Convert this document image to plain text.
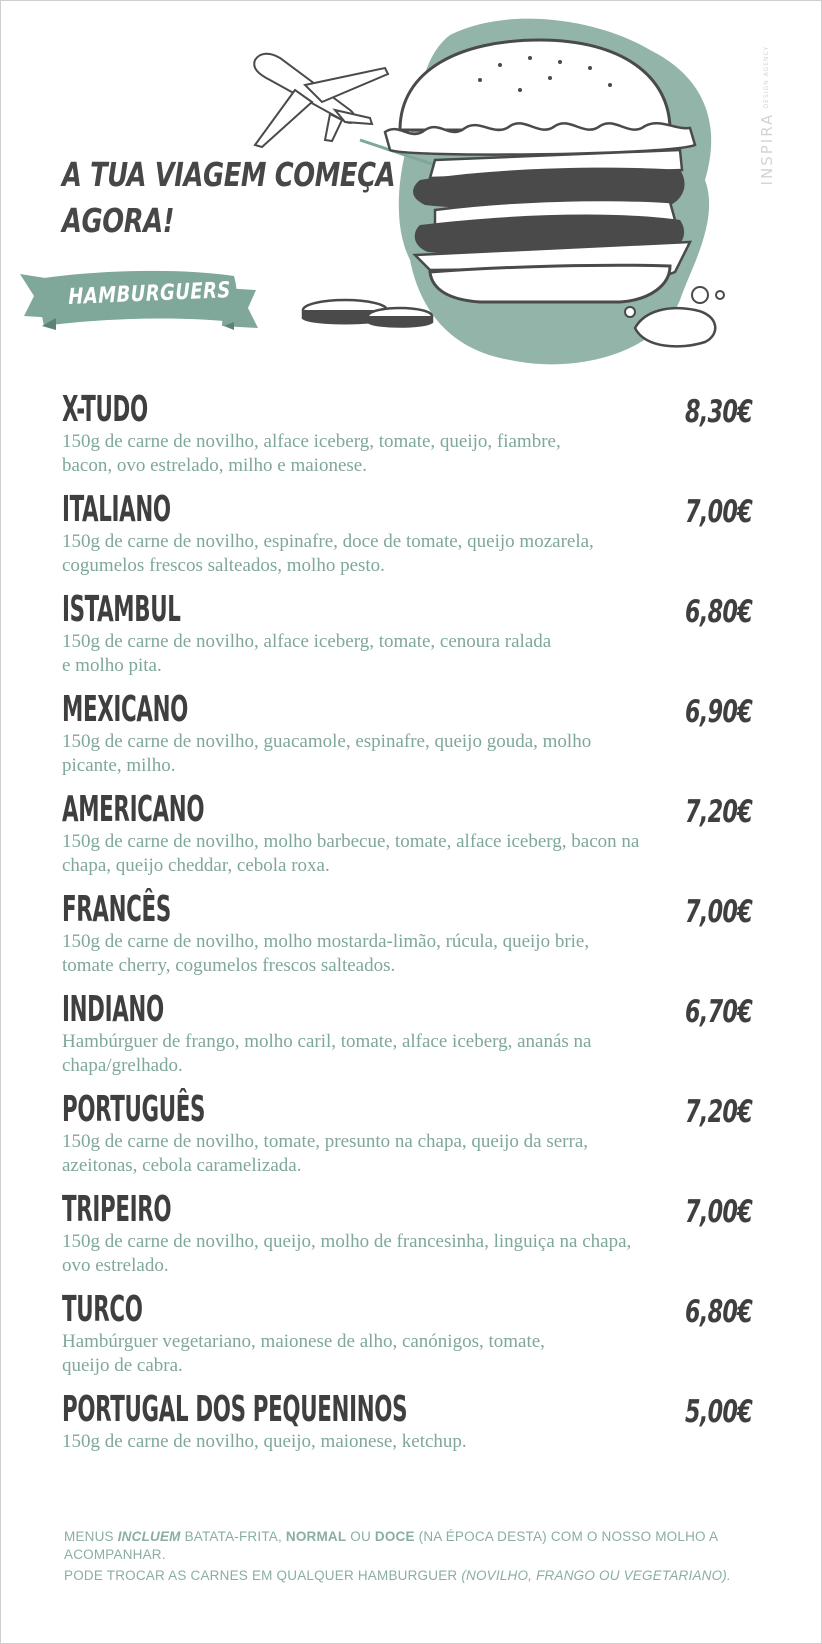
INSPIRADESIGN AGENCY
A TUA VIAGEM COMEÇA
AGORA!
HAMBURGUERS
X-TUDO	8,30€
150g de carne de novilho, alface iceberg, tomate, queijo, fiambre,
bacon, ovo estrelado, milho e maionese.
ITALIANO	7,00€
150g de carne de novilho, espinafre, doce de tomate, queijo mozarela,
cogumelos frescos salteados, molho pesto.
ISTAMBUL	6,80€
150g de carne de novilho, alface iceberg, tomate, cenoura ralada
e molho pita.
MEXICANO	6,90€
150g de carne de novilho, guacamole, espinafre, queijo gouda, molho
picante, milho.
AMERICANO	7,20€
150g de carne de novilho, molho barbecue, tomate, alface iceberg, bacon na
chapa, queijo cheddar, cebola roxa.
FRANCÊS	7,00€
150g de carne de novilho, molho mostarda-limão, rúcula, queijo brie,
tomate cherry, cogumelos frescos salteados.
INDIANO	6,70€
Hambúrguer de frango, molho caril, tomate, alface iceberg, ananás na
chapa/grelhado.
PORTUGUÊS	7,20€
150g de carne de novilho, tomate, presunto na chapa, queijo da serra,
azeitonas, cebola caramelizada.
TRIPEIRO	7,00€
150g de carne de novilho, queijo, molho de francesinha, linguiça na chapa,
ovo estrelado.
TURCO	6,80€
Hambúrguer vegetariano, maionese de alho, canónigos, tomate,
queijo de cabra.
PORTUGAL DOS PEQUENINOS	5,00€
150g de carne de novilho, queijo, maionese, ketchup.

MENUS INCLUEM BATATA-FRITA, NORMAL OU DOCE (NA ÉPOCA DESTA) COM O NOSSO MOLHO A ACOMPANHAR.

PODE TROCAR AS CARNES EM QUALQUER HAMBURGUER (NOVILHO, FRANGO OU VEGETARIANO).
